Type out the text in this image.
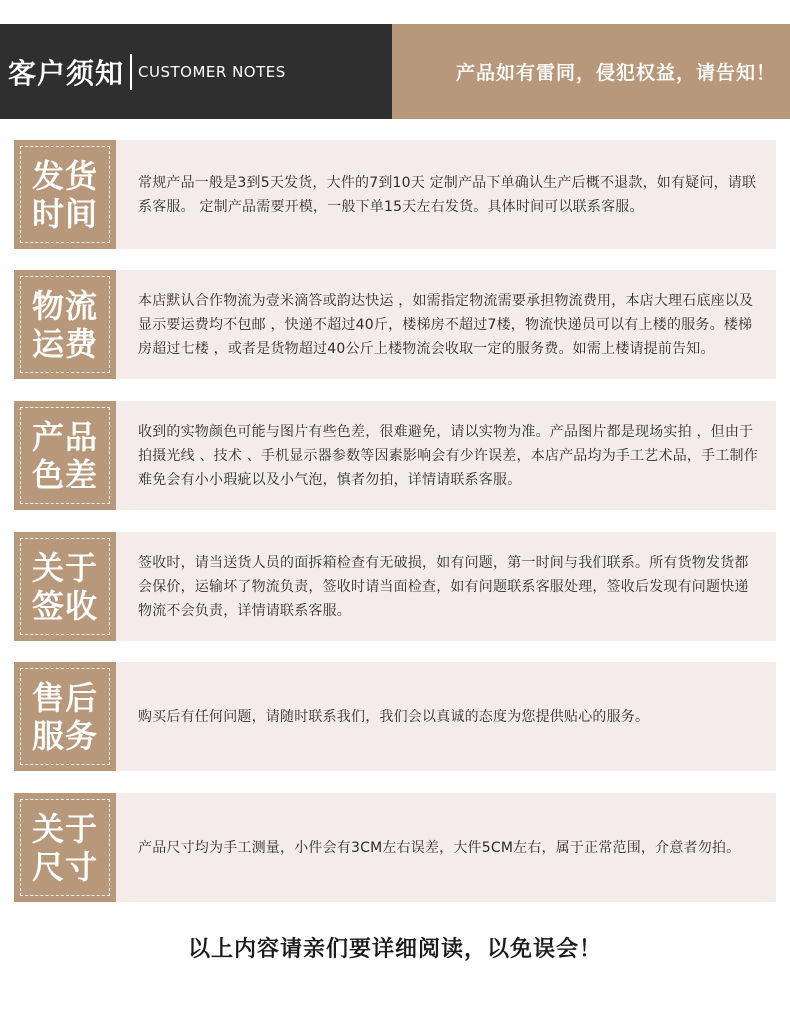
客户须知 CUSTOMER NOTES	产品如有雷同，侵犯权益，请告知！
发货
时间
常规产品一般是3到5天发货，大件的7到10天 定制产品下单确认生产后概不退款，如有疑问，请联系客服。 定制产品需要开模，一般下单15天左右发货。具体时间可以联系客服。
物流
运费
本店默认合作物流为壹米滴答或韵达快运 ，如需指定物流需要承担物流费用，本店大理石底座以及显示要运费均不包邮 ，快递不超过40斤，楼梯房不超过7楼，物流快递员可以有上楼的服务。楼梯房超过七楼 ，或者是货物超过40公斤上楼物流会收取一定的服务费。如需上楼请提前告知。
产品
色差
收到的实物颜色可能与图片有些色差，很难避免，请以实物为准。产品图片都是现场实拍 ，但由于拍摄光线 、技术 、手机显示器参数等因素影响会有少许误差，本店产品均为手工艺术品，手工制作难免会有小小瑕疵以及小气泡，慎者勿拍，详情请联系客服。
关于
签收
签收时，请当送货人员的面拆箱检查有无破损，如有问题，第一时间与我们联系。所有货物发货都会保价，运输坏了物流负责，签收时请当面检查，如有问题联系客服处理，签收后发现有问题快递物流不会负责，详情请联系客服。
售后
服务	购买后有任何问题，请随时联系我们，我们会以真诚的态度为您提供贴心的服务。
关于
尺寸	产品尺寸均为手工测量，小件会有3CM左右误差，大件5CM左右，属于正常范围，介意者勿拍。
以上内容请亲们要详细阅读，以免误会！
